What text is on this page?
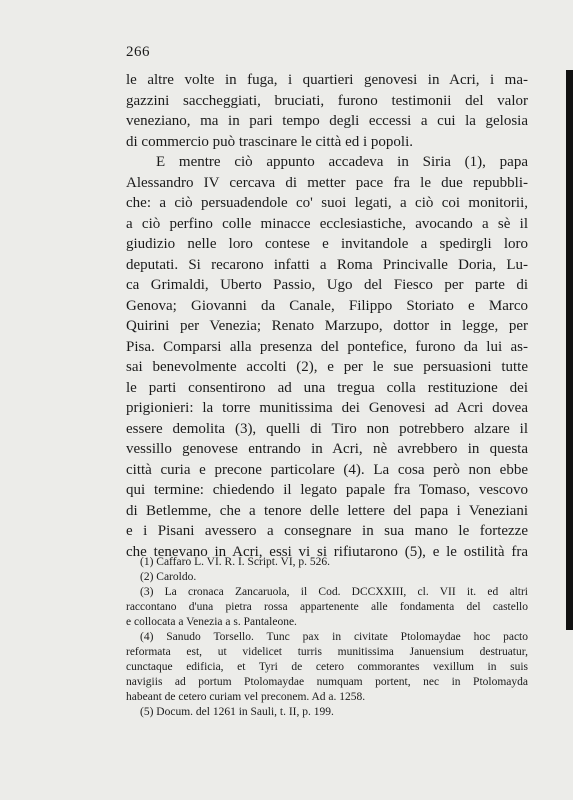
266
le altre volte in fuga, i quartieri genovesi in Acri, i ma-
gazzini saccheggiati, bruciati, furono testimonii del valor
veneziano, ma in pari tempo degli eccessi a cui la gelosia
di commercio può trascinare le città ed i popoli.
E mentre ciò appunto accadeva in Siria (1), papa
Alessandro IV cercava di metter pace fra le due repubbli-
che: a ciò persuadendole co' suoi legati, a ciò coi monitorii,
a ciò perfino colle minacce ecclesiastiche, avocando a sè il
giudizio nelle loro contese e invitandole a spedirgli loro
deputati. Si recarono infatti a Roma Princivalle Doria, Lu-
ca Grimaldi, Uberto Passio, Ugo del Fiesco per parte di
Genova; Giovanni da Canale, Filippo Storiato e Marco
Quirini per Venezia; Renato Marzupo, dottor in legge, per
Pisa. Comparsi alla presenza del pontefice, furono da lui as-
sai benevolmente accolti (2), e per le sue persuasioni tutte
le parti consentirono ad una tregua colla restituzione dei
prigionieri: la torre munitissima dei Genovesi ad Acri dovea
essere demolita (3), quelli di Tiro non potrebbero alzare il
vessillo genovese entrando in Acri, nè avrebbero in questa
città curia e precone particolare (4). La cosa però non ebbe
qui termine: chiedendo il legato papale fra Tomaso, vescovo
di Betlemme, che a tenore delle lettere del papa i Veneziani
e i Pisani avessero a consegnare in sua mano le fortezze
che tenevano in Acri, essi vi si rifiutarono (5), e le ostilità fra
(1) Caffaro L. VI. R. I. Script. VI, p. 526.
(2) Caroldo.
(3) La cronaca Zancaruola, il Cod. DCCXXIII, cl. VII it. ed altri
raccontano d'una pietra rossa appartenente alle fondamenta del castello
e collocata a Venezia a s. Pantaleone.
(4) Sanudo Torsello. Tunc pax in civitate Ptolomaydae hoc pacto
reformata est, ut videlicet turris munitissima Januensium destruatur,
cunctaque edificia, et Tyri de cetero commorantes vexillum in suis
navigiis ad portum Ptolomaydae numquam portent, nec in Ptolomayda
habeant de cetero curiam vel preconem. Ad a. 1258.
(5) Docum. del 1261 in Sauli, t. II, p. 199.
